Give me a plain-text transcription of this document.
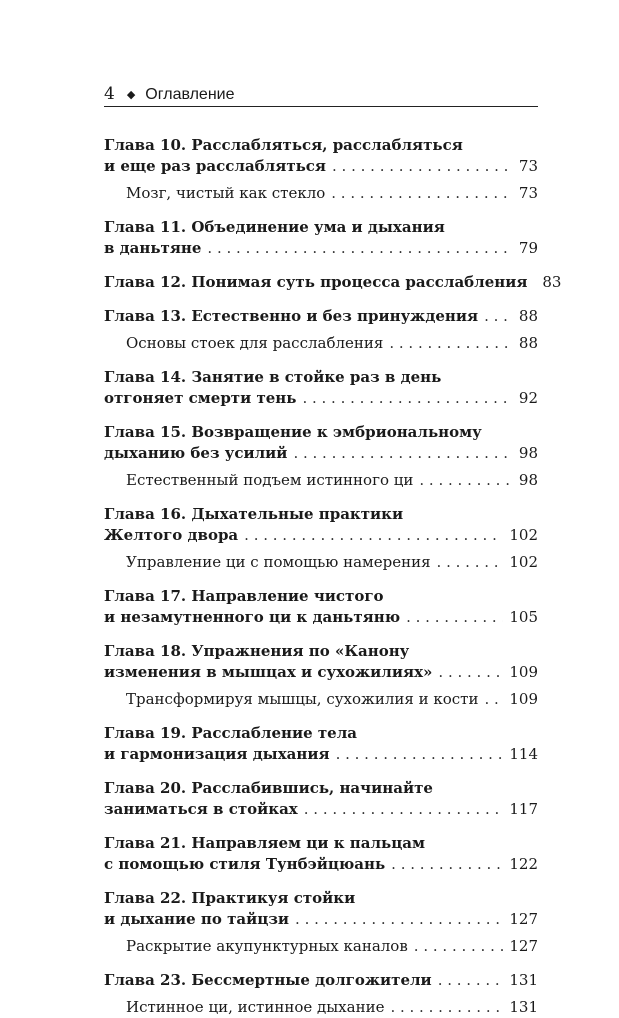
4 ◆ Оглавление
Глава 10. Расслабляться, расслабляться
и еще раз расслабляться . . .	73
Мозг, чистый как стекло . . .	73
Глава 11. Объединение ума и дыхания
в даньтяне . . .	79
Глава 12. Понимая суть процесса расслабления 83
Глава 13. Естественно и без принуждения . . .	88
Основы стоек для расслабления . . .	88
Глава 14. Занятие в стойке раз в день
отгоняет смерти тень . . .	92
Глава 15. Возвращение к эмбриональному
дыханию без усилий . . .	98
Естественный подъем истинного ци . . .	98
Глава 16. Дыхательные практики
Желтого двора . . .	102
Управление ци с помощью намерения . . .	102
Глава 17. Направление чистого
и незамутненного ци к даньтяню . . .	105
Глава 18. Упражнения по «Канону
изменения в мышцах и сухожилиях» . . .	109
Трансформируя мышцы, сухожилия и кости . . . 109
Глава 19. Расслабление тела
и гармонизация дыхания . . .	114
Глава 20. Расслабившись, начинайте
заниматься в стойках . . .	117
Глава 21. Направляем ци к пальцам
с помощью стиля Тунбэйцюань . . .	122
Глава 22. Практикуя стойки
и дыхание по тайцзи . . .	127
Раскрытие акупунктурных каналов . . .	127
Глава 23. Бессмертные долгожители . . .	131
Истинное ци, истинное дыхание . . .	131
